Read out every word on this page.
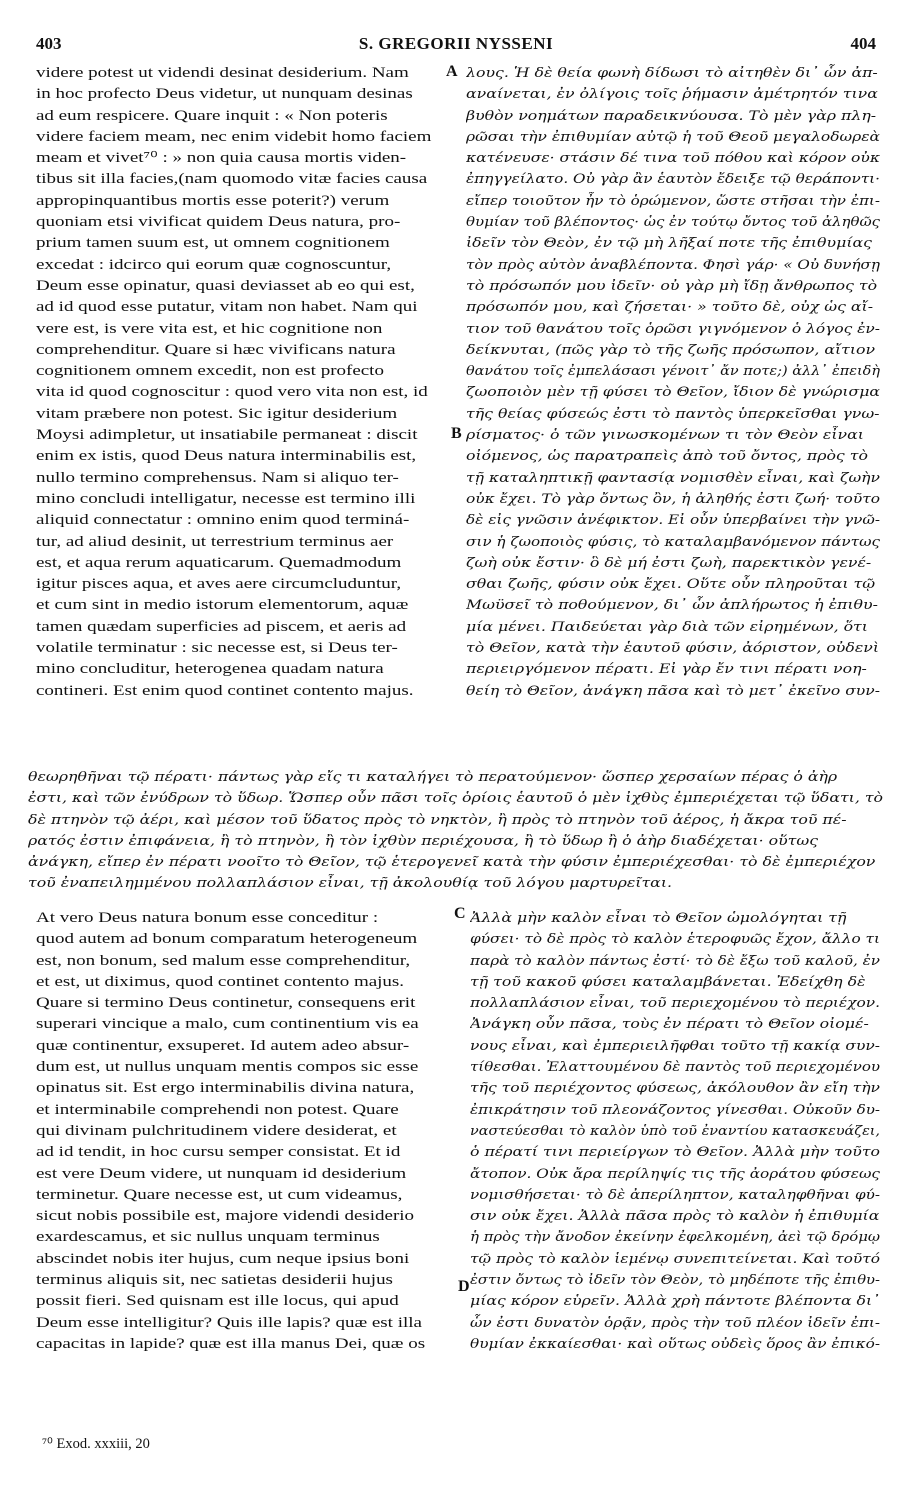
403	S. GREGORII NYSSENI	404
videre potest ut videndi desinat desiderium. Nam
in hoc profecto Deus videtur, ut nunquam desinas
ad eum respicere. Quare inquit : « Non poteris
videre faciem meam, nec enim videbit homo faciem
meam et vivet⁷⁰ : » non quia causa mortis viden-
tibus sit illa facies,(nam quomodo vitæ facies causa
appropinquantibus mortis esse poterit?) verum
quoniam etsi vivificat quidem Deus natura, pro-
prium tamen suum est, ut omnem cognitionem
excedat : idcirco qui eorum quæ cognoscuntur,
Deum esse opinatur, quasi deviasset ab eo qui est,
ad id quod esse putatur, vitam non habet. Nam qui
vere est, is vere vita est, et hic cognitione non
comprehenditur. Quare si hæc vivificans natura
cognitionem omnem excedit, non est profecto
vita id quod cognoscitur : quod vero vita non est, id
vitam præbere non potest. Sic igitur desiderium
Moysi adimpletur, ut insatiabile permaneat : discit
enim ex istis, quod Deus natura interminabilis est,
nullo termino comprehensus. Nam si aliquo ter-
mino concludi intelligatur, necesse est termino illi
aliquid connectatur : omnino enim quod terminá-
tur, ad aliud desinit, ut terrestrium terminus aer
est, et aqua rerum aquaticarum. Quemadmodum
igitur pisces aqua, et aves aere circumcluduntur,
et cum sint in medio istorum elementorum, aquæ
tamen quædam superficies ad piscem, et aeris ad
volatile terminatur : sic necesse est, si Deus ter-
mino concluditur, heterogenea quadam natura
contineri. Est enim quod continet contento majus.
λους. Ἡ δὲ θεία φωνὴ δίδωσι τὸ αἰτηθὲν δι᾽ ὧν ἀπ-
αναίνεται, ἐν ὀλίγοις τοῖς ῥήμασιν ἀμέτρητόν τινα
βυθὸν νοημάτων παραδεικνύουσα. Τὸ μὲν γὰρ πλη-
ρῶσαι τὴν ἐπιθυμίαν αὐτῷ ἡ τοῦ Θεοῦ μεγαλοδωρεὰ
κατένευσε· στάσιν δέ τινα τοῦ πόθου καὶ κόρον οὐκ
ἐπηγγείλατο. Οὐ γὰρ ἂν ἑαυτὸν ἔδειξε τῷ θεράποντι·
εἴπερ τοιοῦτον ἦν τὸ ὁρώμενον, ὥστε στῆσαι τὴν ἐπι-
θυμίαν τοῦ βλέποντος· ὡς ἐν τούτῳ ὄντος τοῦ ἀληθῶς
ἰδεῖν τὸν Θεὸν, ἐν τῷ μὴ λῆξαί ποτε τῆς ἐπιθυμίας
τὸν πρὸς αὐτὸν ἀναβλέποντα. Φησὶ γάρ· « Οὐ δυνήσῃ
τὸ πρόσωπόν μου ἰδεῖν· οὐ γὰρ μὴ ἴδῃ ἄνθρωπος τὸ
πρόσωπόν μου, καὶ ζήσεται· » τοῦτο δὲ, οὐχ ὡς αἴ-
τιον τοῦ θανάτου τοῖς ὁρῶσι γιγνόμενον ὁ λόγος ἐν-
δείκνυται, (πῶς γὰρ τὸ τῆς ζωῆς πρόσωπον, αἴτιον
θανάτου τοῖς ἐμπελάσασι γένοιτ᾽ ἄν ποτε;) ἀλλ᾽ ἐπειδὴ
ζωοποιὸν μὲν τῇ φύσει τὸ Θεῖον, ἴδιον δὲ γνώρισμα
τῆς θείας φύσεώς ἐστι τὸ παντὸς ὑπερκεῖσθαι γνω-
ρίσματος· ὁ τῶν γινωσκομένων τι τὸν Θεὸν εἶναι
οἰόμενος, ὡς παρατραπεὶς ἀπὸ τοῦ ὄντος, πρὸς τὸ
τῇ καταληπτικῇ φαντασίᾳ νομισθὲν εἶναι, καὶ ζωὴν
οὐκ ἔχει. Τὸ γὰρ ὄντως ὂν, ἡ ἀληθής ἐστι ζωή· τοῦτο
δὲ εἰς γνῶσιν ἀνέφικτον. Εἰ οὖν ὑπερβαίνει τὴν γνῶ-
σιν ἡ ζωοποιὸς φύσις, τὸ καταλαμβανόμενον πάντως
ζωὴ οὐκ ἔστιν· ὃ δὲ μή ἐστι ζωὴ, παρεκτικὸν γενέ-
σθαι ζωῆς, φύσιν οὐκ ἔχει. Οὕτε οὖν πληροῦται τῷ
Μωϋσεῖ τὸ ποθούμενον, δι᾽ ὧν ἀπλήρωτος ἡ ἐπιθυ-
μία μένει. Παιδεύεται γὰρ διὰ τῶν εἰρημένων, ὅτι
τὸ Θεῖον, κατὰ τὴν ἑαυτοῦ φύσιν, ἀόριστον, οὐδενὶ
περιειργόμενον πέρατι. Εἰ γὰρ ἔν τινι πέρατι νοη-
θείη τὸ Θεῖον, ἀνάγκη πᾶσα καὶ τὸ μετ᾽ ἐκεῖνο συν-
A
B
C
D
θεωρηθῆναι τῷ πέρατι· πάντως γὰρ εἴς τι καταλήγει τὸ περατούμενον· ὥσπερ χερσαίων πέρας ὁ ἀὴρ
ἐστι, καὶ τῶν ἐνύδρων τὸ ὕδωρ. Ὥσπερ οὖν πᾶσι τοῖς ὁρίοις ἑαυτοῦ ὁ μὲν ἰχθὺς ἐμπεριέχεται τῷ ὕδατι, τὸ
δὲ πτηνὸν τῷ ἀέρι, καὶ μέσον τοῦ ὕδατος πρὸς τὸ νηκτὸν, ἢ πρὸς τὸ πτηνὸν τοῦ ἀέρος, ἡ ἄκρα τοῦ πέ-
ρατός ἐστιν ἐπιφάνεια, ἢ τὸ πτηνὸν, ἢ τὸν ἰχθὺν περιέχουσα, ἢ τὸ ὕδωρ ἢ ὁ ἀὴρ διαδέχεται· οὕτως
ἀνάγκη, εἴπερ ἐν πέρατι νοοῖτο τὸ Θεῖον, τῷ ἑτερογενεῖ κατὰ τὴν φύσιν ἐμπεριέχεσθαι· τὸ δὲ ἐμπεριέχον
τοῦ ἐναπειλημμένου πολλαπλάσιον εἶναι, τῇ ἀκολουθίᾳ τοῦ λόγου μαρτυρεῖται.
At vero Deus natura bonum esse conceditur :
quod autem ad bonum comparatum heterogeneum
est, non bonum, sed malum esse comprehenditur,
et est, ut diximus, quod continet contento majus.
Quare si termino Deus continetur, consequens erit
superari vincique a malo, cum continentium vis ea
quæ continentur, exsuperet. Id autem adeo absur-
dum est, ut nullus unquam mentis compos sic esse
opinatus sit. Est ergo interminabilis divina natura,
et interminabile comprehendi non potest. Quare
qui divinam pulchritudinem videre desiderat, et
ad id tendit, in hoc cursu semper consistat. Et id
est vere Deum videre, ut nunquam id desiderium
terminetur. Quare necesse est, ut cum videamus,
sicut nobis possibile est, majore videndi desiderio
exardescamus, et sic nullus unquam terminus
abscindet nobis iter hujus, cum neque ipsius boni
terminus aliquis sit, nec satietas desiderii hujus
possit fieri. Sed quisnam est ille locus, qui apud
Deum esse intelligitur? Quis ille lapis? quæ est illa
capacitas in lapide? quæ est illa manus Dei, quæ os
Ἀλλὰ μὴν καλὸν εἶναι τὸ Θεῖον ὡμολόγηται τῇ
φύσει· τὸ δὲ πρὸς τὸ καλὸν ἑτεροφυῶς ἔχον, ἄλλο τι
παρὰ τὸ καλὸν πάντως ἐστί· τὸ δὲ ἔξω τοῦ καλοῦ, ἐν
τῇ τοῦ κακοῦ φύσει καταλαμβάνεται. Ἐδείχθη δὲ
πολλαπλάσιον εἶναι, τοῦ περιεχομένου τὸ περιέχον.
Ἀνάγκη οὖν πᾶσα, τοὺς ἐν πέρατι τὸ Θεῖον οἰομέ-
νους εἶναι, καὶ ἐμπεριειλῆφθαι τοῦτο τῇ κακίᾳ συν-
τίθεσθαι. Ἐλαττουμένου δὲ παντὸς τοῦ περιεχομένου
τῆς τοῦ περιέχοντος φύσεως, ἀκόλουθον ἂν εἴη τὴν
ἐπικράτησιν τοῦ πλεονάζοντος γίνεσθαι. Οὐκοῦν δυ-
ναστεύεσθαι τὸ καλὸν ὑπὸ τοῦ ἐναντίου κατασκευάζει,
ὁ πέρατί τινι περιείργων τὸ Θεῖον. Ἀλλὰ μὴν τοῦτο
ἄτοπον. Οὐκ ἄρα περίληψίς τις τῆς ἀοράτου φύσεως
νομισθήσεται· τὸ δὲ ἀπερίληπτον, καταληφθῆναι φύ-
σιν οὐκ ἔχει. Ἀλλὰ πᾶσα πρὸς τὸ καλὸν ἡ ἐπιθυμία
ἡ πρὸς τὴν ἄνοδον ἐκείνην ἐφελκομένη, ἀεὶ τῷ δρόμῳ
τῷ πρὸς τὸ καλὸν ἱεμένῳ συνεπιτείνεται. Καὶ τοῦτό
ἐστιν ὄντως τὸ ἰδεῖν τὸν Θεὸν, τὸ μηδέποτε τῆς ἐπιθυ-
μίας κόρον εὑρεῖν. Ἀλλὰ χρὴ πάντοτε βλέποντα δι᾽
ὧν ἐστι δυνατὸν ὁρᾷν, πρὸς τὴν τοῦ πλέον ἰδεῖν ἐπι-
θυμίαν ἐκκαίεσθαι· καὶ οὕτως οὐδεὶς ὅρος ἂν ἐπικό-
⁷⁰ Exod. xxxiii, 20
